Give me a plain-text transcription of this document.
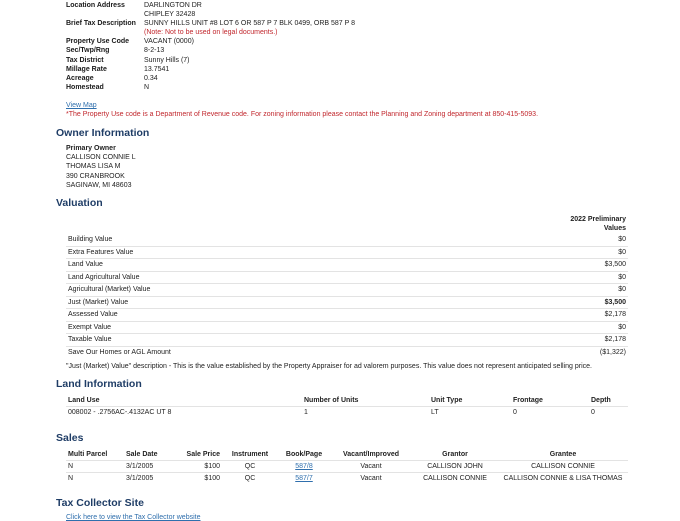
Location Address	DARLINGTON DR
CHIPLEY 32428
Brief Tax Description	SUNNY HILLS UNIT #8 LOT 6 OR 587 P 7 BLK 0499, ORB 587 P 8
(Note: Not to be used on legal documents.)
Property Use Code	VACANT (0000)
Sec/Twp/Rng	8-2-13
Tax District	Sunny Hills (7)
Millage Rate	13.7541
Acreage	0.34
Homestead	N
View Map
*The Property Use code is a Department of Revenue code. For zoning information please contact the Planning and Zoning department at 850-415-5093.
Owner Information
Primary Owner
CALLISON CONNIE L
THOMAS LISA M
390 CRANBROOK
SAGINAW, MI 48603
Valuation
2022 Preliminary
Values
Building Value	$0
Extra Features Value	$0
Land Value	$3,500
Land Agricultural Value	$0
Agricultural (Market) Value	$0
Just (Market) Value	$3,500
Assessed Value	$2,178
Exempt Value	$0
Taxable Value	$2,178
Save Our Homes or AGL Amount	($1,322)
"Just (Market) Value" description - This is the value established by the Property Appraiser for ad valorem purposes. This value does not represent anticipated selling price.
Land Information
Land Use	Number of Units	Unit Type	Frontage	Depth
008002 - .2756AC-.4132AC UT 8	1	LT	0	0
Sales
Multi Parcel	Sale Date	Sale Price	Instrument	Book/Page	Vacant/Improved	Grantor	Grantee
N	3/1/2005	$100	QC	587/8	Vacant	CALLISON JOHN	CALLISON CONNIE
N	3/1/2005	$100	QC	587/7	Vacant	CALLISON CONNIE	CALLISON CONNIE & LISA THOMAS
Tax Collector Site
Click here to view the Tax Collector website
